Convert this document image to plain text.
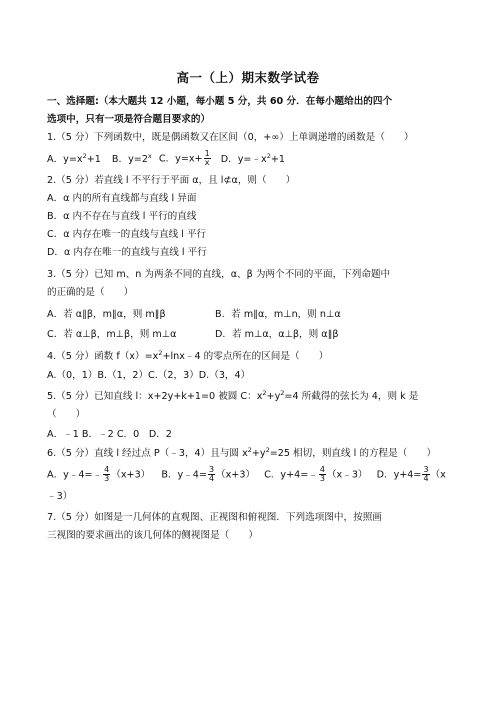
高一（上）期末数学试卷
一、选择题:（本大题共 12 小题，每小题 5 分，共 60 分．在每小题给出的四个
选项中，只有一项是符合题目要求的）
1.（5 分）下列函数中，既是偶函数又在区间（0，+∞）上单调递增的函数是（　　）
A．$y=x^2+1$ B．$y=2^x$ C．$y=x+ \frac{1}{x}$ D．$y=﹣x^2+1$
2.（5 分）若直线 l 不平行于平面 α，且 l⊄α，则（　　）
A．α 内的所有直线都与直线 l 异面
B．α 内不存在与直线 l 平行的直线
C．α 内存在唯一的直线与直线 l 平行
D．α 内存在唯一的直线与直线 l 平行
3.（5 分）已知 m、n 为两条不同的直线，α、β 为两个不同的平面，下列命题中
的正确的是（　　）
A．若 α∥β，m∥α，则 m∥β	B．若 m∥α，m⊥n，则 n⊥α
C．若 α⊥β，m⊥β，则 m⊥α	D．若 m⊥α，α⊥β，则 α∥β
4.（5 分）函数 $f(x)=x^2+\ln x﹣4$ 的零点所在的区间是（　　）
A.（0，1）B.（1，2）C.（2，3）D.（3，4）
5.（5 分）已知直线 l：x+2y+k+1=0 被圆 C：$x^2+y^2=4$ 所截得的弦长为 4，则 k 是
（　　）
A．﹣1 B．﹣2 C．0　D．2
6.（5 分）直线 l 经过点 P（﹣3，4）且与圆 $x^2+y^2=25$ 相切，则直线 l 的方程是（　　）
A．y﹣4=﹣ $\frac{4}{3} (x+3)$ B．y﹣4= $\frac{3}{4} (x+3)$ C．y+4=﹣ $\frac{4}{3}$ （x﹣3） D．$y+4= \frac{3}{4} (x$
﹣3）
7.（5 分）如图是一几何体的直观图、正视图和俯视图．下列选项图中，按照画
三视图的要求画出的该几何体的侧视图是（　　）
